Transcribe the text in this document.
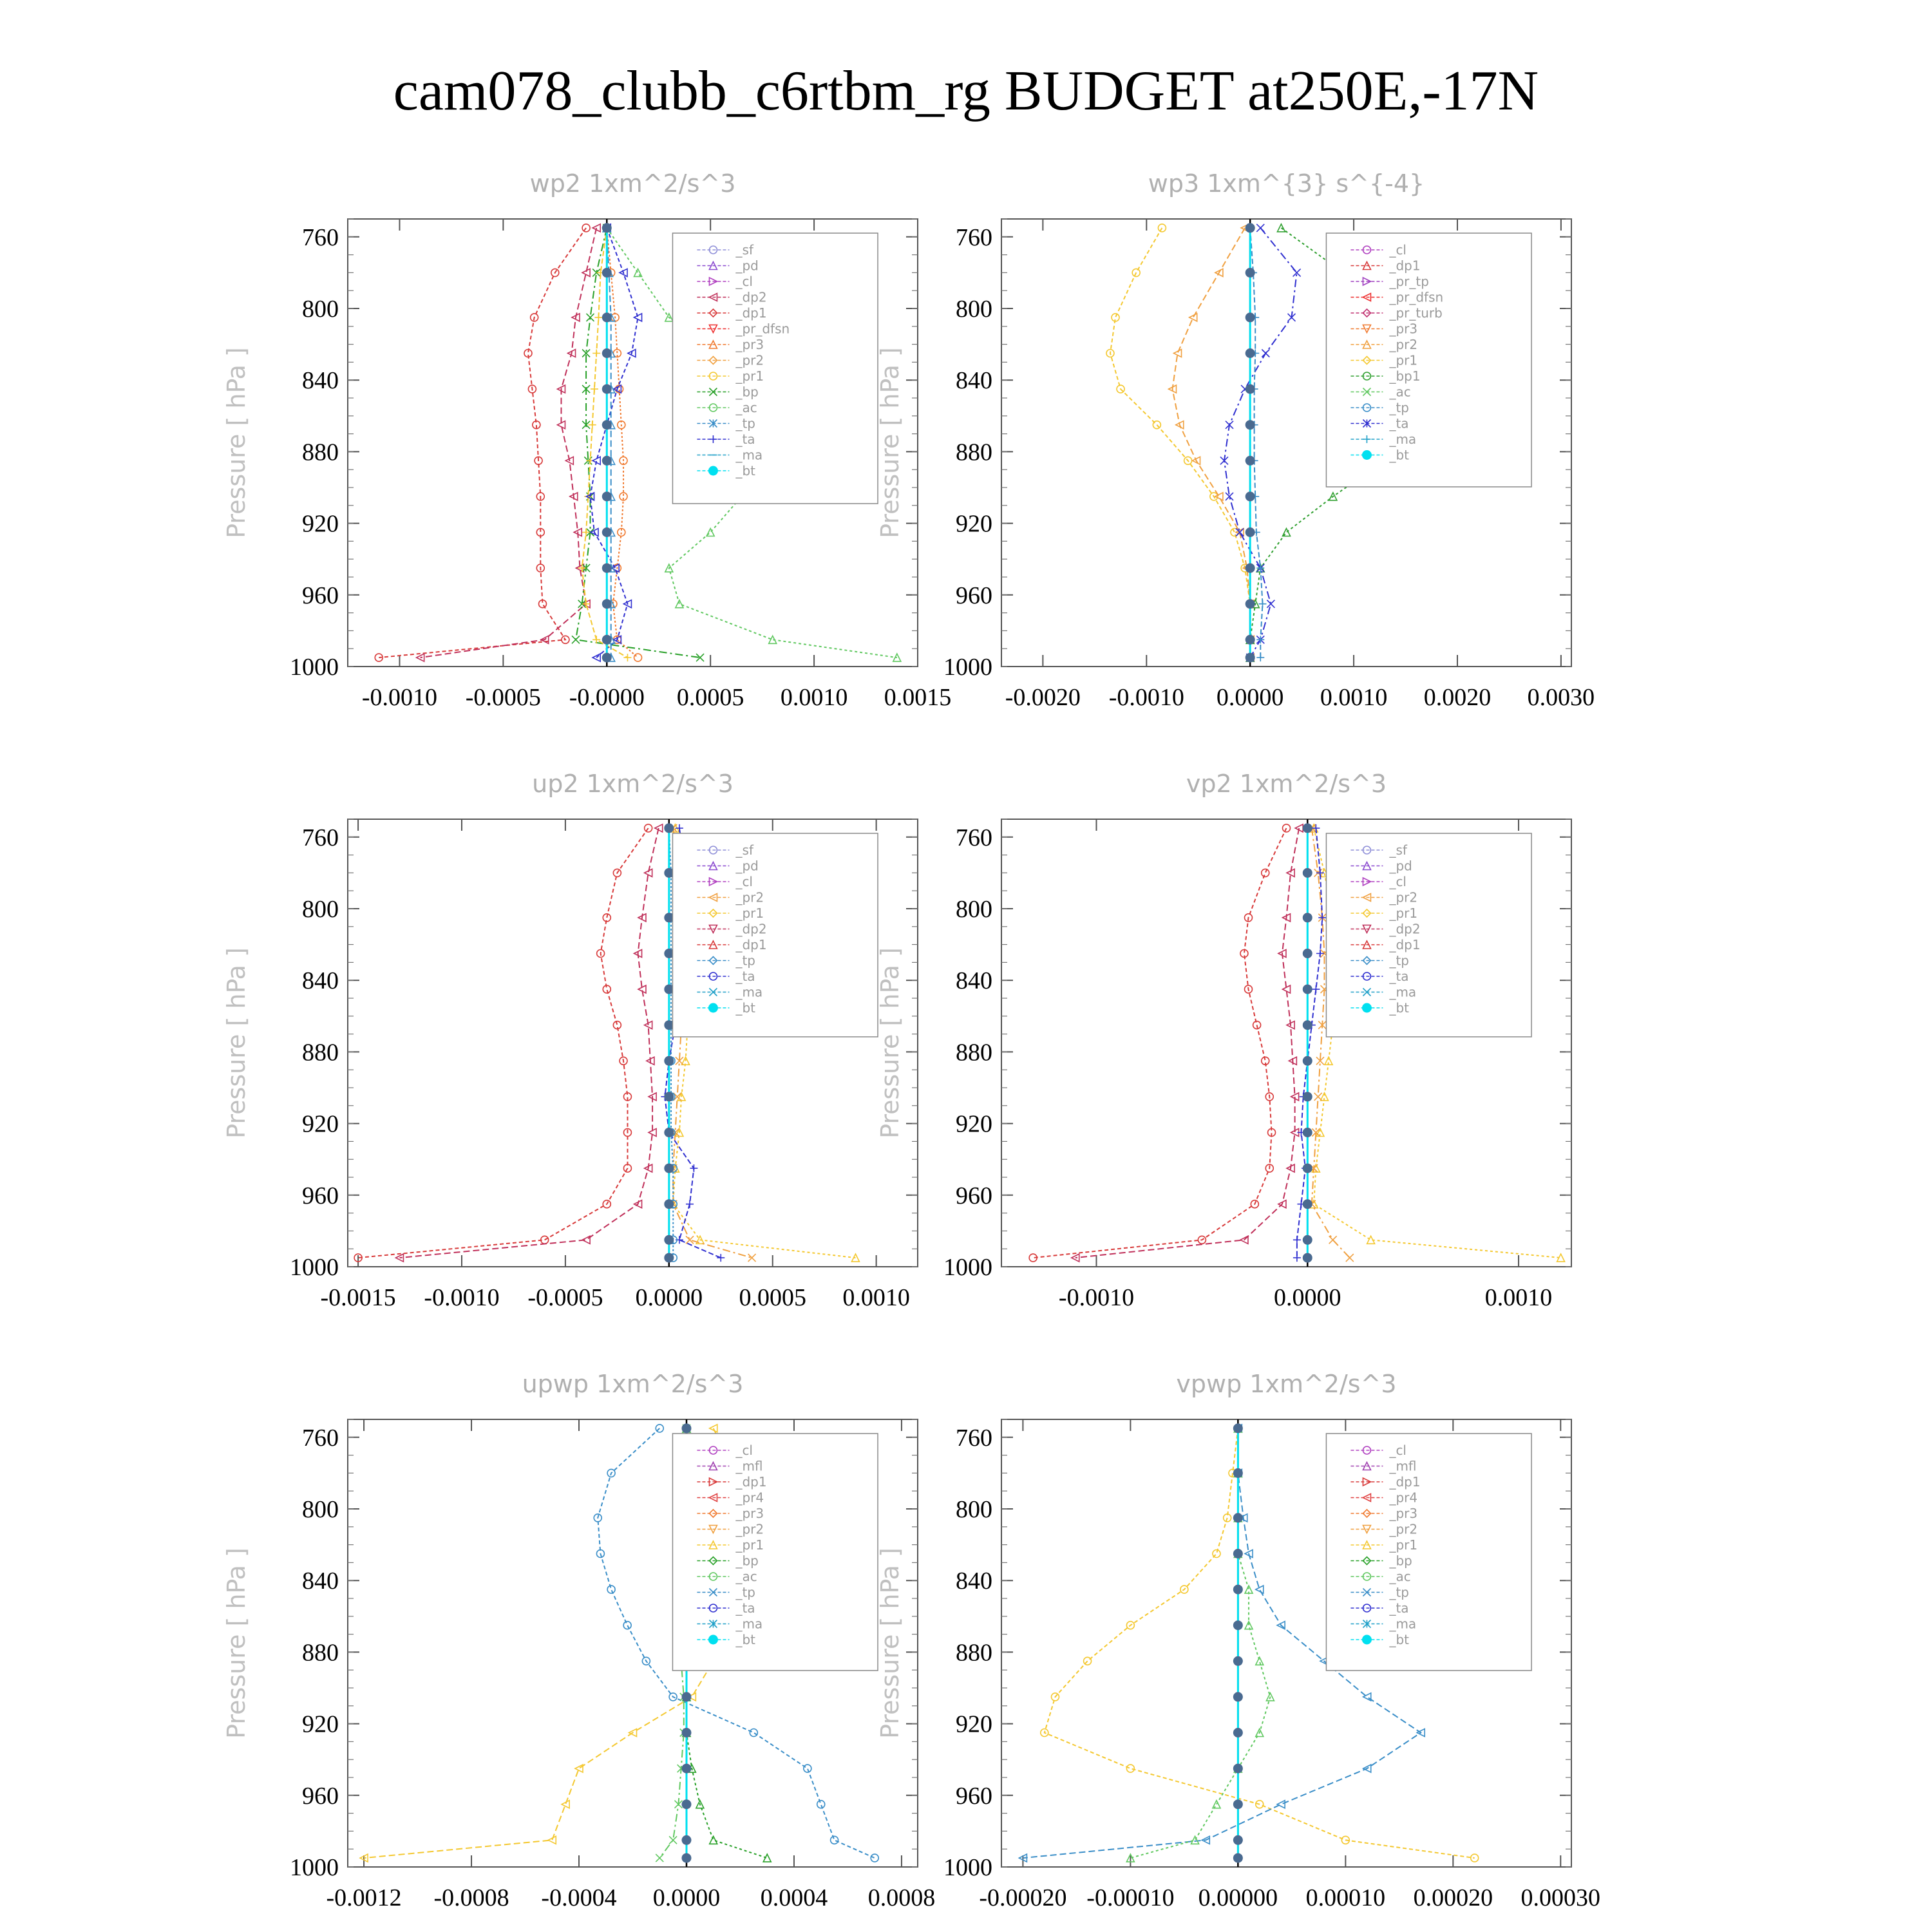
cam078_clubb_c6rtbm_rg BUDGET at250E,-17N
wp2 1xm^2/s^3
Pressure [ hPa ]
760
800
840
880
920
960
1000
-0.0010 -0.0005 -0.0000 0.0005 0.0010 0.0015
_sf
_pd
_cl
_dp2
_dp1
_pr_dfsn
_pr3
_pr2
_pr1
_bp
_ac
_tp
_ta
_ma
_bt
wp3 1xm^{3} s^{-4}
Pressure [ hPa ]
760
800
840
880
920
960
1000
-0.0020 -0.0010 0.0000 0.0010 0.0020 0.0030
_cl
_dp1
_pr_tp
_pr_dfsn
_pr_turb
_pr3
_pr2
_pr1
_bp1
_ac
_tp
_ta
_ma
_bt
up2 1xm^2/s^3
Pressure [ hPa ]
760
800
840
880
920
960
1000
-0.0015 -0.0010 -0.0005 0.0000 0.0005 0.0010
_sf
_pd
_cl
_pr2
_pr1
_dp2
_dp1
_tp
_ta
_ma
_bt
vp2 1xm^2/s^3
Pressure [ hPa ]
760
800
840
880
920
960
1000
-0.0010	0.0000	0.0010
_sf
_pd
_cl
_pr2
_pr1
_dp2
_dp1
_tp
_ta
_ma
_bt
upwp 1xm^2/s^3
Pressure [ hPa ]
760
800
840
880
920
960
1000
-0.0012 -0.0008 -0.0004 0.0000 0.0004 0.0008
_cl
_mfl
_dp1
_pr4
_pr3
_pr2
_pr1
_bp
_ac
_tp
_ta
_ma
_bt
vpwp 1xm^2/s^3
Pressure [ hPa ]
760
800
840
880
920
960
1000
-0.00020 -0.00010 0.00000 0.00010 0.00020 0.00030
_cl
_mfl
_dp1
_pr4
_pr3
_pr2
_pr1
_bp
_ac
_tp
_ta
_ma
_bt
